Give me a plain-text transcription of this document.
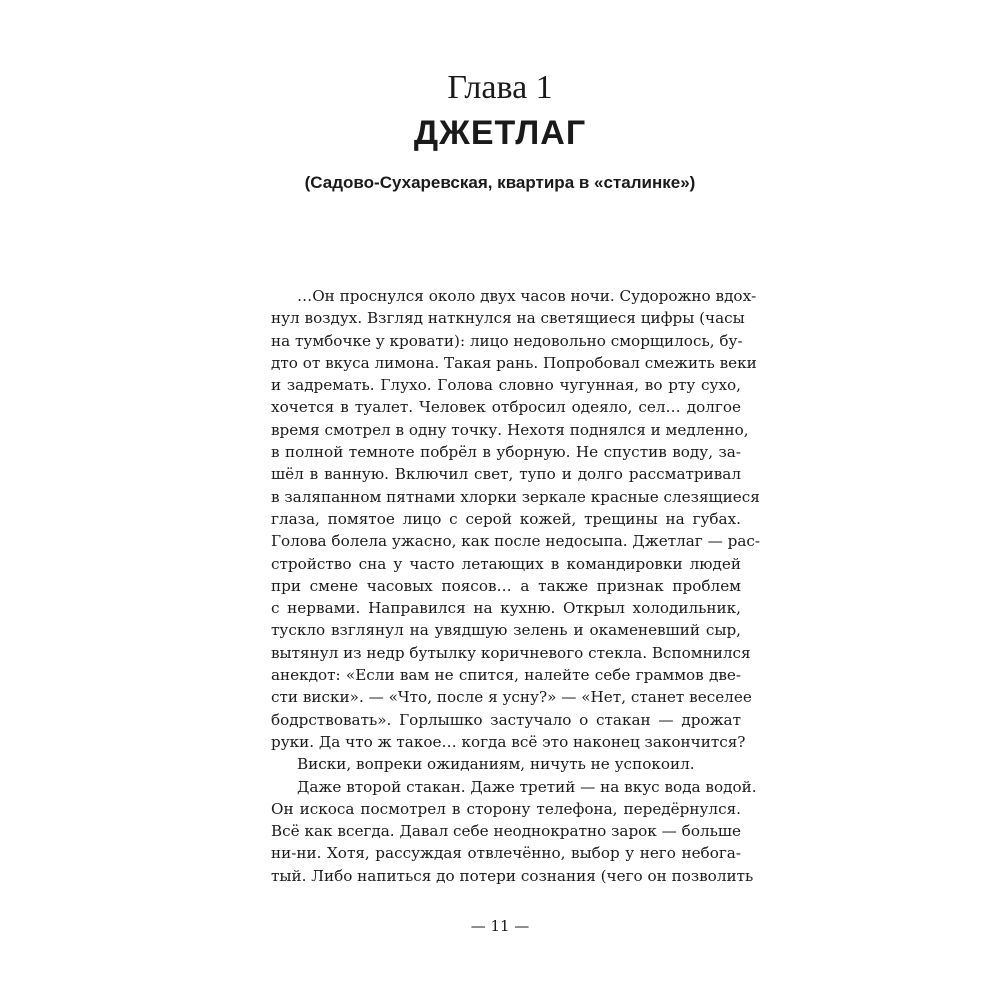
Глава 1
ДЖЕТЛАГ
(Садово-Сухаревская, квартира в «сталинке»)
…Он проснулся около двух часов ночи. Судорожно вдох-
нул воздух. Взгляд наткнулся на светящиеся цифры (часы
на тумбочке у кровати): лицо недовольно сморщилось, бу-
дто от вкуса лимона. Такая рань. Попробовал смежить веки
и задремать. Глухо. Голова словно чугунная, во рту сухо,
хочется в туалет. Человек отбросил одеяло, сел… долгое
время смотрел в одну точку. Нехотя поднялся и медленно,
в полной темноте побрёл в уборную. Не спустив воду, за-
шёл в ванную. Включил свет, тупо и долго рассматривал
в заляпанном пятнами хлорки зеркале красные слезящиеся
глаза, помятое лицо с серой кожей, трещины на губах.
Голова болела ужасно, как после недосыпа. Джетлаг — рас-
стройство сна у часто летающих в командировки людей
при смене часовых поясов… а также признак проблем
с нервами. Направился на кухню. Открыл холодильник,
тускло взглянул на увядшую зелень и окаменевший сыр,
вытянул из недр бутылку коричневого стекла. Вспомнился
анекдот: «Если вам не спится, налейте себе граммов двe-
сти виски». — «Что, после я усну?» — «Нет, станет веселее
бодрствовать». Горлышко застучало о стакан — дрожат
руки. Да что ж такое… когда всё это наконец закончится?
Виски, вопреки ожиданиям, ничуть не успокоил.
Даже второй стакан. Даже третий — на вкус вода водой.
Он искоса посмотрел в сторону телефона, передёрнулся.
Всё как всегда. Давал себе неоднократно зарок — больше
ни-ни. Хотя, рассуждая отвлечённо, выбор у него небога-
тый. Либо напиться до потери сознания (чего он позволить
— 11 —
